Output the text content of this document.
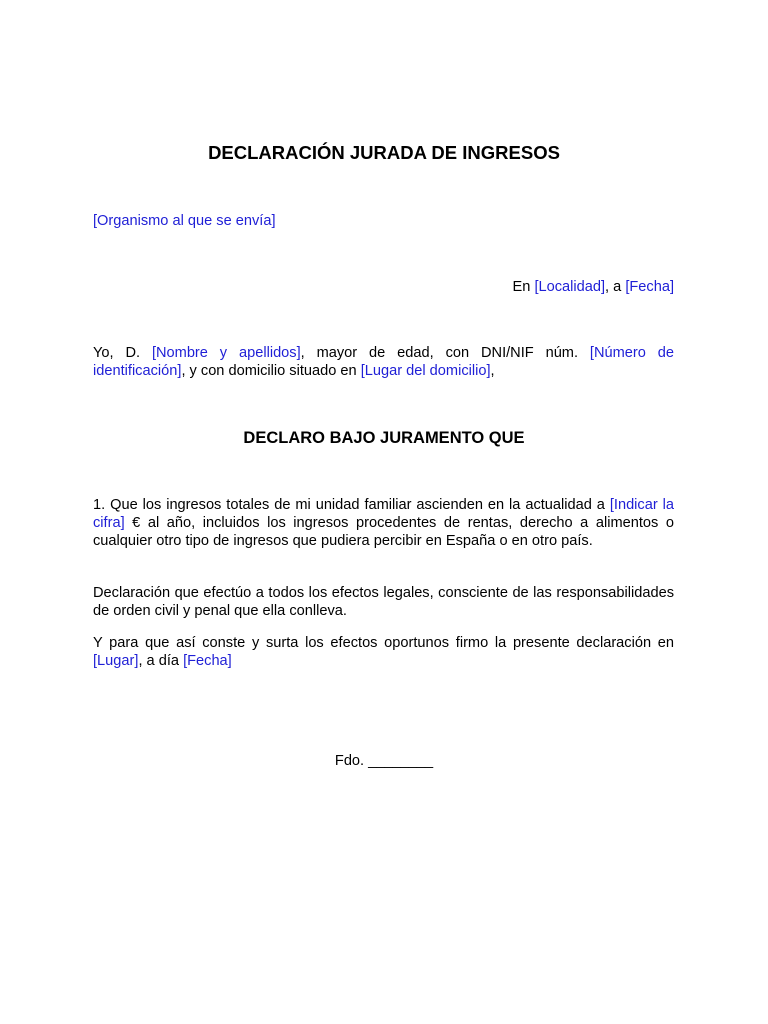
DECLARACIÓN JURADA DE INGRESOS
[Organismo al que se envía]
En [Localidad], a [Fecha]
Yo, D. [Nombre y apellidos], mayor de edad, con DNI/NIF núm. [Número de identificación], y con domicilio situado en [Lugar del domicilio],
DECLARO BAJO JURAMENTO QUE
1. Que los ingresos totales de mi unidad familiar ascienden en la actualidad a [Indicar la cifra] € al año, incluidos los ingresos procedentes de rentas, derecho a alimentos o cualquier otro tipo de ingresos que pudiera percibir en España o en otro país.
Declaración que efectúo a todos los efectos legales, consciente de las responsabilidades de orden civil y penal que ella conlleva.
Y para que así conste y surta los efectos oportunos firmo la presente declaración en [Lugar], a día [Fecha]
Fdo. ________
